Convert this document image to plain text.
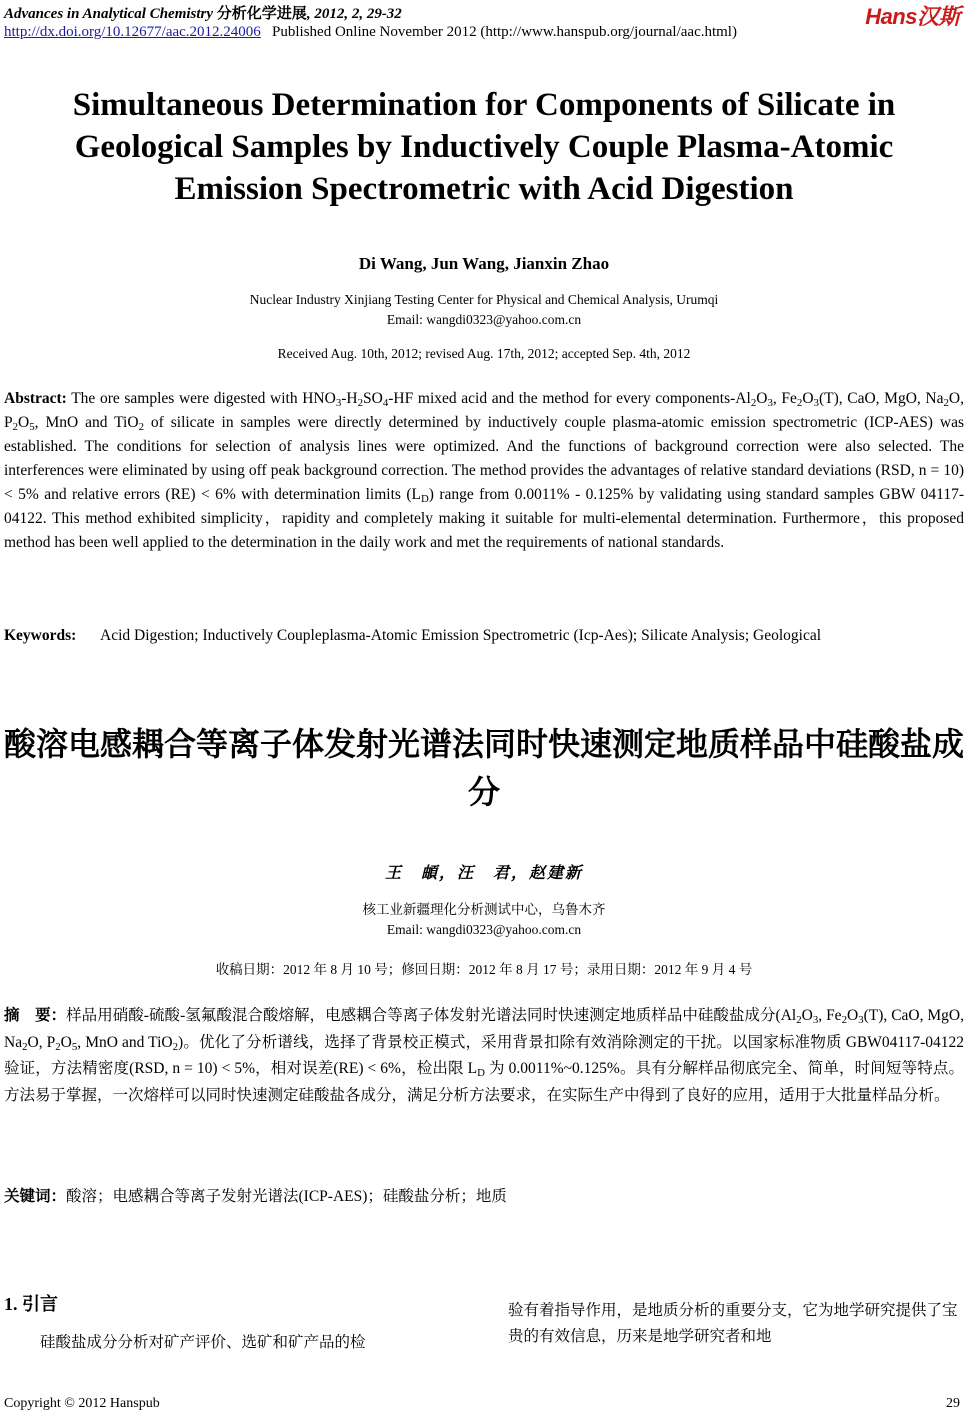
Advances in Analytical Chemistry 分析化学进展, 2012, 2, 29-32	Hans汉斯
http://dx.doi.org/10.12677/aac.2012.24006 Published Online November 2012 (http://www.hanspub.org/journal/aac.html)
Simultaneous Determination for Components of Silicate in Geological Samples by Inductively Couple Plasma-Atomic Emission Spectrometric with Acid Digestion
Di Wang, Jun Wang, Jianxin Zhao
Nuclear Industry Xinjiang Testing Center for Physical and Chemical Analysis, Urumqi
Email: wangdi0323@yahoo.com.cn
Received Aug. 10th, 2012; revised Aug. 17th, 2012; accepted Sep. 4th, 2012
Abstract: The ore samples were digested with $HNO_3-H_2SO_4-HF$ mixed acid and the method for every components-$Al_2O_3$, $Fe_2O_3(T)$, CaO, MgO, $Na_2O$, $P_2O_5$, MnO and TiO$_2$ of silicate in samples were directly determined by inductively couple plasma-atomic emission spectrometric (ICP-AES) was established. The conditions for selection of analysis lines were optimized. And the functions of background correction were also selected. The interferences were eliminated by using off peak background correction. The method provides the advantages of relative standard deviations (RSD, n = 10) < 5% and relative errors (RE) < 6% with determination limits $(L_D)$ range from 0.0011% - 0.125% by validating using standard samples GBW 04117-04122. This method exhibited simplicity，rapidity and completely making it suitable for multi-elemental determination. Furthermore，this proposed method has been well applied to the determination in the daily work and met the requirements of national standards.
Keywords:	Acid Digestion; Inductively Coupleplasma-Atomic Emission Spectrometric (Icp-Aes); Silicate Analysis; Geological
酸溶电感耦合等离子体发射光谱法同时快速测定地质样品中硅酸盐成分
王　頔，汪　君，赵建新
核工业新疆理化分析测试中心，乌鲁木齐
Email: wangdi0323@yahoo.com.cn
收稿日期：2012 年 8 月 10 号；修回日期：2012 年 8 月 17 号；录用日期：2012 年 9 月 4 号
摘　要：样品用硝酸-硫酸-氢氟酸混合酸熔解，电感耦合等离子体发射光谱法同时快速测定地质样品中硅酸盐成分($Al_2O_3$, $Fe_2O_3(T)$, CaO, MgO, $Na_2O$, $P_2O_5$, MnO and TiO$_2$)。优化了分析谱线，选择了背景校正模式，采用背景扣除有效消除测定的干扰。以国家标准物质 GBW04117-04122 验证，方法精密度(RSD, n = 10) < 5%，相对误差(RE) < 6%，检出限 $L_D$ 为 0.0011%~0.125%。具有分解样品彻底完全、简单，时间短等特点。方法易于掌握，一次熔样可以同时快速测定硅酸盐各成分，满足分析方法要求，在实际生产中得到了良好的应用，适用于大批量样品分析。
关键词：酸溶；电感耦合等离子发射光谱法(ICP-AES)；硅酸盐分析；地质
1. 引言
硅酸盐成分分析对矿产评价、选矿和矿产品的检
验有着指导作用，是地质分析的重要分支，它为地学研究提供了宝贵的有效信息，历来是地学研究者和地
Copyright © 2012 Hanspub	29
